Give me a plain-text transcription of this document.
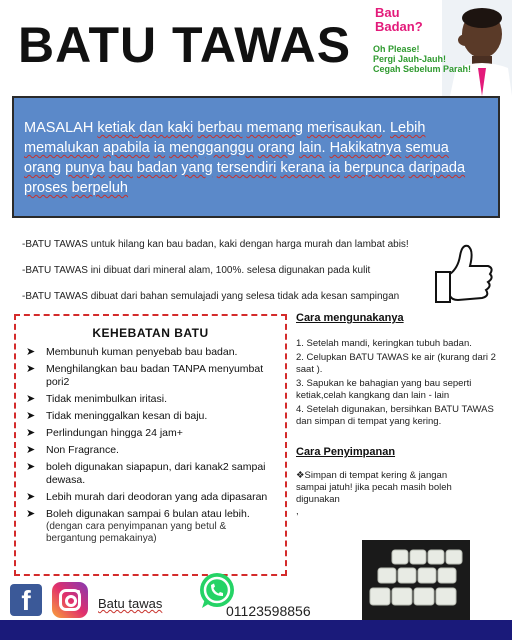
BATU TAWAS
Bau
Badan?
Oh Please!
Pergi Jauh-Jauh!
Cegah Sebelum Parah!

MASALAH ketiak dan kaki berbau memang merisaukan. Lebih memalukan apabila ia mengganggu orang lain. Hakikatnya semua orang punya bau badan yang tersendiri kerana ia berpunca daripada proses berpeluh

-BATU TAWAS untuk hilang kan bau badan, kaki dengan harga murah dan lambat abis!
-BATU TAWAS ini dibuat dari mineral alam, 100%. selesa digunakan pada kulit
-BATU TAWAS dibuat dari bahan semulajadi yang selesa tidak ada kesan sampingan
KEHEBATAN BATU
➤ Membunuh kuman penyebab bau badan.
➤ Menghilangkan bau badan TANPA menyumbat pori2
➤ Tidak menimbulkan iritasi.
➤ Tidak meninggalkan kesan di baju.
➤ Perlindungan hingga 24 jam+
➤ Non Fragrance.
➤ boleh digunakan siapapun, dari kanak2 sampai dewasa.
➤ Lebih murah dari deodoran yang ada dipasaran
➤ Boleh digunakan sampai 6 bulan atau lebih.
(dengan cara penyimpanan yang betul & bergantung pemakainya)
Cara mengunakanya
1. Setelah mandi, keringkan tubuh badan.
2. Celupkan BATU TAWAS ke air (kurang dari 2 saat ).
3. Sapukan ke bahagian yang bau seperti ketiak,celah kangkang dan lain - lain
4. Setelah digunakan, bersihkan BATU TAWAS dan simpan di tempat yang kering.
Cara Penyimpanan
❖Simpan di tempat kering & jangan sampai jatuh! jika pecah masih boleh digunakan
,
f	Batu tawas	01123598856
